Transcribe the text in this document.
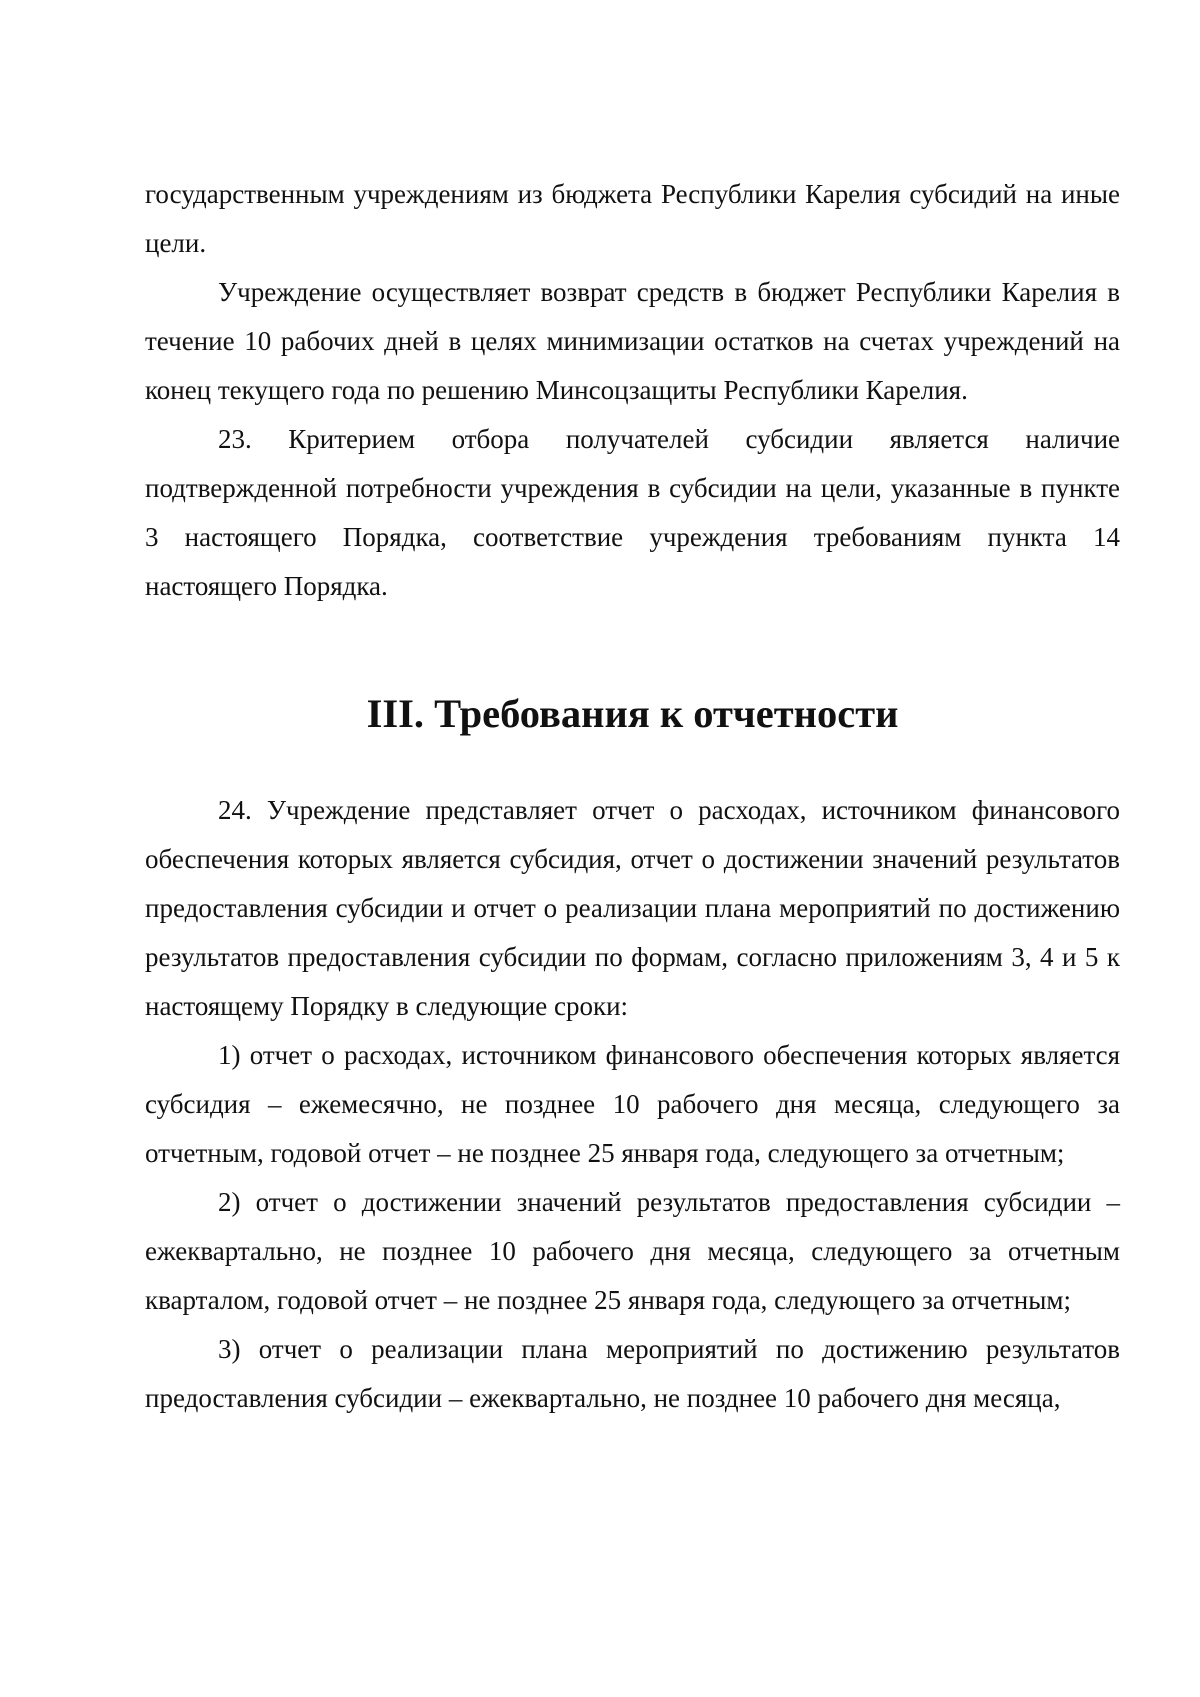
государственным учреждениям из бюджета Республики Карелия субсидий на иные цели.

Учреждение осуществляет возврат средств в бюджет Республики Карелия в течение 10 рабочих дней в целях минимизации остатков на счетах учреждений на конец текущего года по решению Минсоцзащиты Республики Карелия.

23. Критерием отбора получателей субсидии является наличие подтвержденной потребности учреждения в субсидии на цели, указанные в пункте 3 настоящего Порядка, соответствие учреждения требованиям пункта 14 настоящего Порядка.

III. Требования к отчетности

24. Учреждение представляет отчет о расходах, источником финансового обеспечения которых является субсидия, отчет о достижении значений результатов предоставления субсидии и отчет о реализации плана мероприятий по достижению результатов предоставления субсидии по формам, согласно приложениям 3, 4 и 5 к настоящему Порядку в следующие сроки:

1) отчет о расходах, источником финансового обеспечения которых является субсидия – ежемесячно, не позднее 10 рабочего дня месяца, следующего за отчетным, годовой отчет – не позднее 25 января года, следующего за отчетным;

2) отчет о достижении значений результатов предоставления субсидии – ежеквартально, не позднее 10 рабочего дня месяца, следующего за отчетным кварталом, годовой отчет – не позднее 25 января года, следующего за отчетным;

3) отчет о реализации плана мероприятий по достижению результатов предоставления субсидии – ежеквартально, не позднее 10 рабочего дня месяца,
